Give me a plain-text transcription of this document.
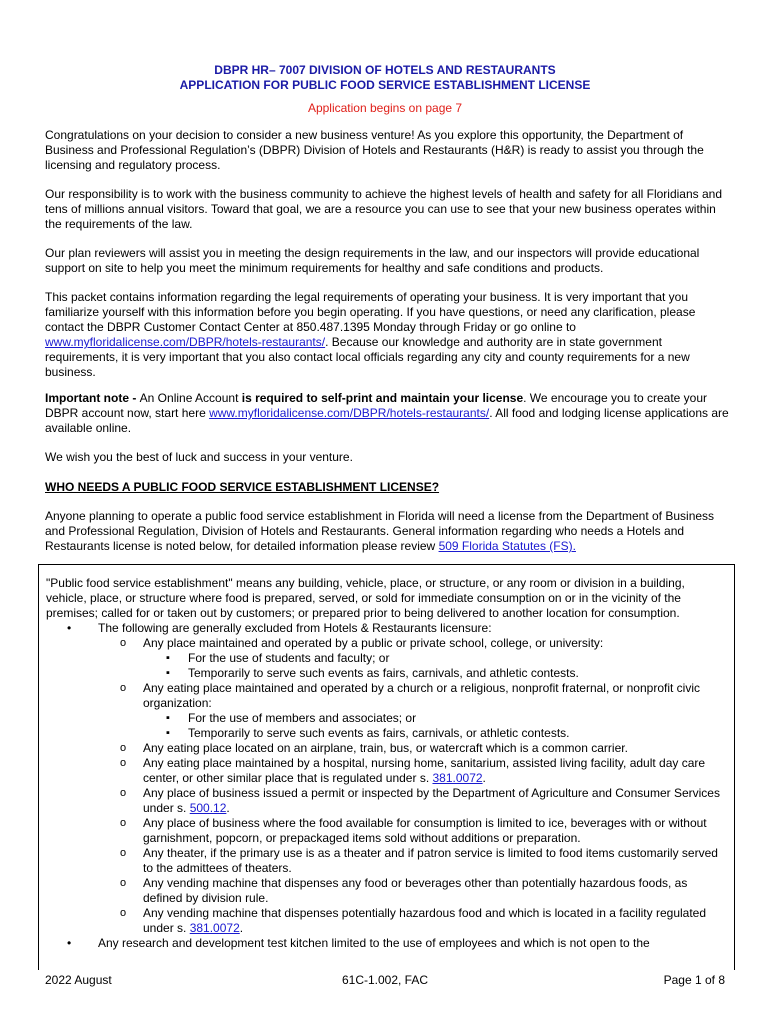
DBPR HR– 7007 DIVISION OF HOTELS AND RESTAURANTS
APPLICATION FOR PUBLIC FOOD SERVICE ESTABLISHMENT LICENSE
Application begins on page 7

Congratulations on your decision to consider a new business venture! As you explore this opportunity, the Department of Business and Professional Regulation’s (DBPR) Division of Hotels and Restaurants (H&R) is ready to assist you through the licensing and regulatory process.

Our responsibility is to work with the business community to achieve the highest levels of health and safety for all Floridians and tens of millions annual visitors. Toward that goal, we are a resource you can use to see that your new business operates within the requirements of the law.

Our plan reviewers will assist you in meeting the design requirements in the law, and our inspectors will provide educational support on site to help you meet the minimum requirements for healthy and safe conditions and products.

This packet contains information regarding the legal requirements of operating your business. It is very important that you familiarize yourself with this information before you begin operating. If you have questions, or need any clarification, please contact the DBPR Customer Contact Center at 850.487.1395 Monday through Friday or go online to www.myfloridalicense.com/DBPR/hotels-restaurants/. Because our knowledge and authority are in state government requirements, it is very important that you also contact local officials regarding any city and county requirements for a new business.

Important note - An Online Account is required to self-print and maintain your license. We encourage you to create your DBPR account now, start here www.myfloridalicense.com/DBPR/hotels-restaurants/. All food and lodging license applications are available online.

We wish you the best of luck and success in your venture.

WHO NEEDS A PUBLIC FOOD SERVICE ESTABLISHMENT LICENSE?

Anyone planning to operate a public food service establishment in Florida will need a license from the Department of Business and Professional Regulation, Division of Hotels and Restaurants. General information regarding who needs a Hotels and Restaurants license is noted below, for detailed information please review 509 Florida Statutes (FS).

"Public food service establishment" means any building, vehicle, place, or structure, or any room or division in a building, vehicle, place, or structure where food is prepared, served, or sold for immediate consumption on or in the vicinity of the premises; called for or taken out by customers; or prepared prior to being delivered to another location for consumption.

• The following are generally excluded from Hotels & Restaurants licensure:
o Any place maintained and operated by a public or private school, college, or university:
▪ For the use of students and faculty; or
▪ Temporarily to serve such events as fairs, carnivals, and athletic contests.
o Any eating place maintained and operated by a church or a religious, nonprofit fraternal, or nonprofit civic organization:
▪ For the use of members and associates; or
▪ Temporarily to serve such events as fairs, carnivals, or athletic contests.
o Any eating place located on an airplane, train, bus, or watercraft which is a common carrier.
o Any eating place maintained by a hospital, nursing home, sanitarium, assisted living facility, adult day care center, or other similar place that is regulated under s. 381.0072.
o Any place of business issued a permit or inspected by the Department of Agriculture and Consumer Services under s. 500.12.
o Any place of business where the food available for consumption is limited to ice, beverages with or without garnishment, popcorn, or prepackaged items sold without additions or preparation.
o Any theater, if the primary use is as a theater and if patron service is limited to food items customarily served to the admittees of theaters.
o Any vending machine that dispenses any food or beverages other than potentially hazardous foods, as defined by division rule.
o Any vending machine that dispenses potentially hazardous food and which is located in a facility regulated under s. 381.0072.
• Any research and development test kitchen limited to the use of employees and which is not open to the
2022 August	61C-1.002, FAC	Page 1 of 8
